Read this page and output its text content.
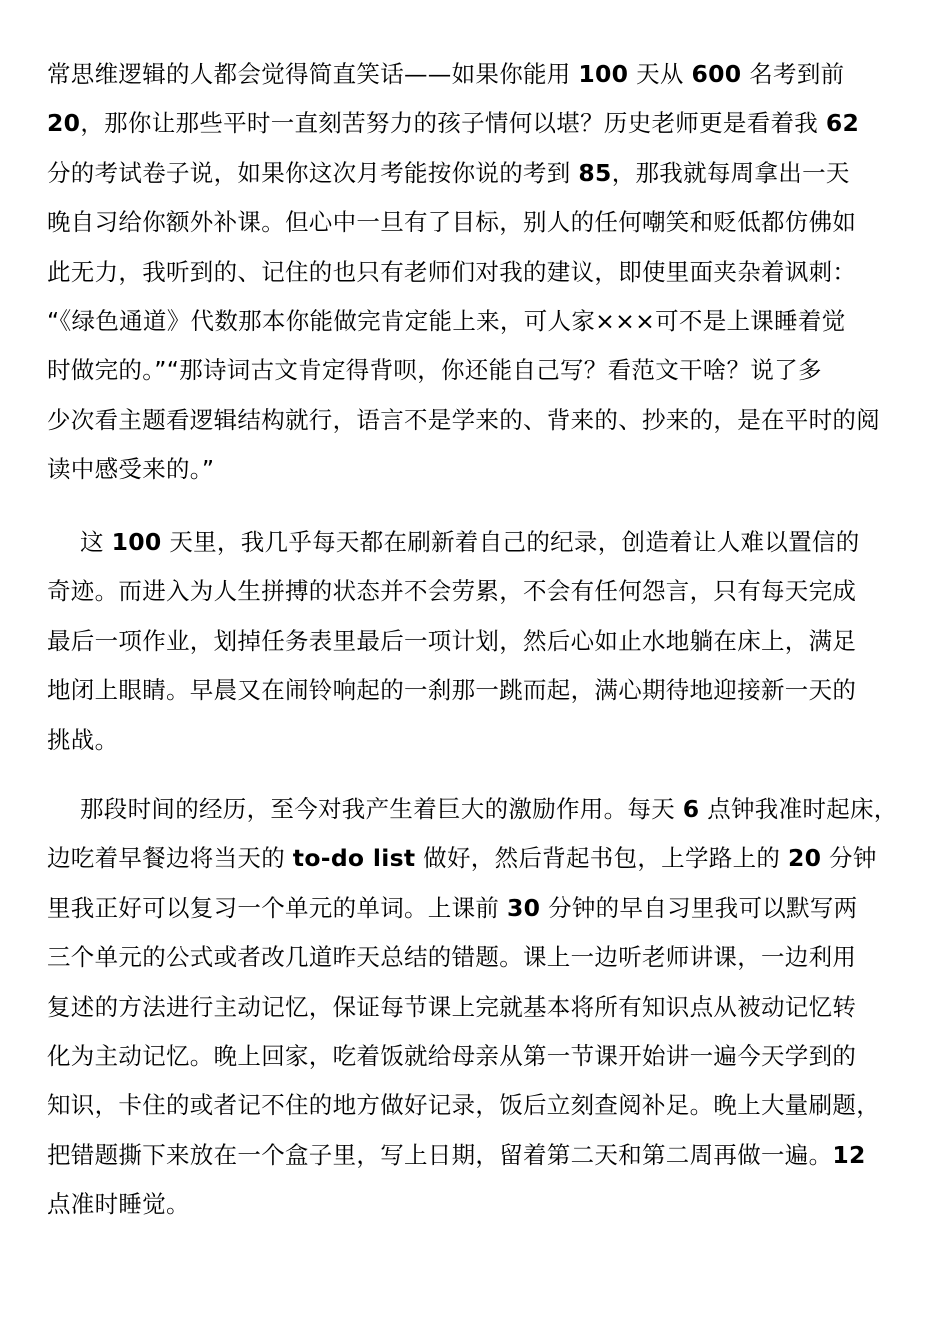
常思维逻辑的人都会觉得简直笑话——如果你能用 100 天从 600 名考到前
20，那你让那些平时一直刻苦努力的孩子情何以堪？历史老师更是看着我 62
分的考试卷子说，如果你这次月考能按你说的考到 85，那我就每周拿出一天
晚自习给你额外补课。但心中一旦有了目标，别人的任何嘲笑和贬低都仿佛如
此无力，我听到的、记住的也只有老师们对我的建议，即使里面夹杂着讽刺：
“《绿色通道》代数那本你能做完肯定能上来，可人家×××可不是上课睡着觉
时做完的。”“那诗词古文肯定得背呗，你还能自己写？看范文干啥？说了多
少次看主题看逻辑结构就行，语言不是学来的、背来的、抄来的，是在平时的阅
读中感受来的。”

这 100 天里，我几乎每天都在刷新着自己的纪录，创造着让人难以置信的
奇迹。而进入为人生拼搏的状态并不会劳累，不会有任何怨言，只有每天完成
最后一项作业，划掉任务表里最后一项计划，然后心如止水地躺在床上，满足
地闭上眼睛。早晨又在闹铃响起的一刹那一跳而起，满心期待地迎接新一天的
挑战。

那段时间的经历，至今对我产生着巨大的激励作用。每天 6 点钟我准时起床，
边吃着早餐边将当天的 to-do list 做好，然后背起书包，上学路上的 20 分钟
里我正好可以复习一个单元的单词。上课前 30 分钟的早自习里我可以默写两
三个单元的公式或者改几道昨天总结的错题。课上一边听老师讲课，一边利用
复述的方法进行主动记忆，保证每节课上完就基本将所有知识点从被动记忆转
化为主动记忆。晚上回家，吃着饭就给母亲从第一节课开始讲一遍今天学到的
知识，卡住的或者记不住的地方做好记录，饭后立刻查阅补足。晚上大量刷题，
把错题撕下来放在一个盒子里，写上日期，留着第二天和第二周再做一遍。12
点准时睡觉。
